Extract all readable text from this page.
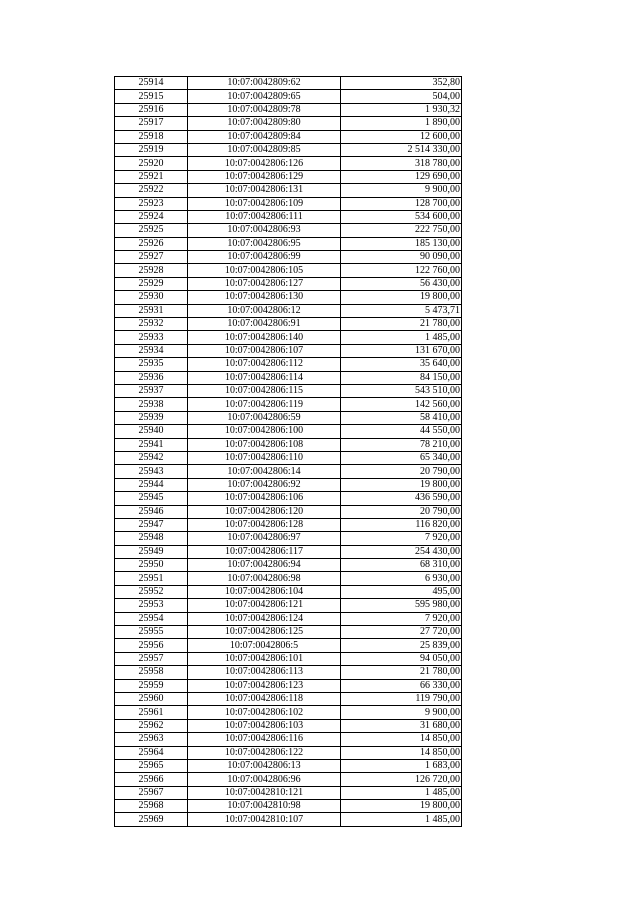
25914	10:07:0042809:62	352,80
25915	10:07:0042809:65	504,00
25916	10:07:0042809:78	1 930,32
25917	10:07:0042809:80	1 890,00
25918	10:07:0042809:84	12 600,00
25919	10:07:0042809:85	2 514 330,00
25920	10:07:0042806:126	318 780,00
25921	10:07:0042806:129	129 690,00
25922	10:07:0042806:131	9 900,00
25923	10:07:0042806:109	128 700,00
25924	10:07:0042806:111	534 600,00
25925	10:07:0042806:93	222 750,00
25926	10:07:0042806:95	185 130,00
25927	10:07:0042806:99	90 090,00
25928	10:07:0042806:105	122 760,00
25929	10:07:0042806:127	56 430,00
25930	10:07:0042806:130	19 800,00
25931	10:07:0042806:12	5 473,71
25932	10:07:0042806:91	21 780,00
25933	10:07:0042806:140	1 485,00
25934	10:07:0042806:107	131 670,00
25935	10:07:0042806:112	35 640,00
25936	10:07:0042806:114	84 150,00
25937	10:07:0042806:115	543 510,00
25938	10:07:0042806:119	142 560,00
25939	10:07:0042806:59	58 410,00
25940	10:07:0042806:100	44 550,00
25941	10:07:0042806:108	78 210,00
25942	10:07:0042806:110	65 340,00
25943	10:07:0042806:14	20 790,00
25944	10:07:0042806:92	19 800,00
25945	10:07:0042806:106	436 590,00
25946	10:07:0042806:120	20 790,00
25947	10:07:0042806:128	116 820,00
25948	10:07:0042806:97	7 920,00
25949	10:07:0042806:117	254 430,00
25950	10:07:0042806:94	68 310,00
25951	10:07:0042806:98	6 930,00
25952	10:07:0042806:104	495,00
25953	10:07:0042806:121	595 980,00
25954	10:07:0042806:124	7 920,00
25955	10:07:0042806:125	27 720,00
25956	10:07:0042806:5	25 839,00
25957	10:07:0042806:101	94 050,00
25958	10:07:0042806:113	21 780,00
25959	10:07:0042806:123	66 330,00
25960	10:07:0042806:118	119 790,00
25961	10:07:0042806:102	9 900,00
25962	10:07:0042806:103	31 680,00
25963	10:07:0042806:116	14 850,00
25964	10:07:0042806:122	14 850,00
25965	10:07:0042806:13	1 683,00
25966	10:07:0042806:96	126 720,00
25967	10:07:0042810:121	1 485,00
25968	10:07:0042810:98	19 800,00
25969	10:07:0042810:107	1 485,00
